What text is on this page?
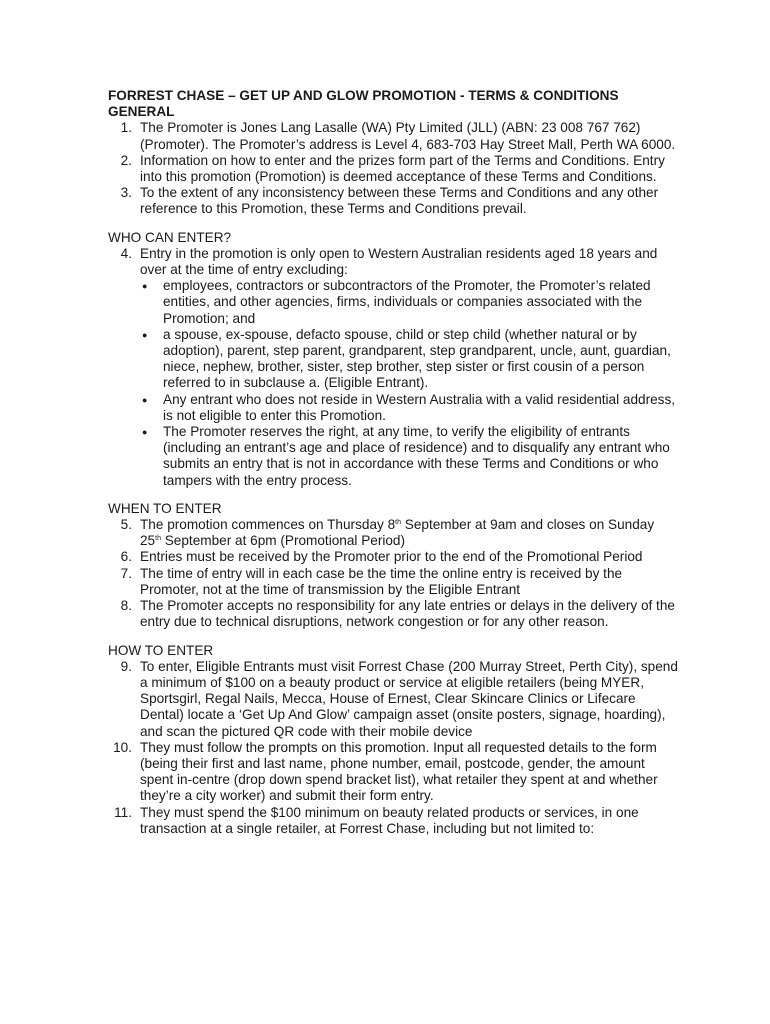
FORREST CHASE – GET UP AND GLOW PROMOTION - TERMS & CONDITIONS GENERAL

1. The Promoter is Jones Lang Lasalle (WA) Pty Limited (JLL) (ABN: 23 008 767 762) (Promoter). The Promoter’s address is Level 4, 683-703 Hay Street Mall, Perth WA 6000.
2. Information on how to enter and the prizes form part of the Terms and Conditions. Entry into this promotion (Promotion) is deemed acceptance of these Terms and Conditions.
3. To the extent of any inconsistency between these Terms and Conditions and any other reference to this Promotion, these Terms and Conditions prevail.

WHO CAN ENTER?

4. Entry in the promotion is only open to Western Australian residents aged 18 years and over at the time of entry excluding:
● employees, contractors or subcontractors of the Promoter, the Promoter’s related entities, and other agencies, firms, individuals or companies associated with the Promotion; and
● a spouse, ex-spouse, defacto spouse, child or step child (whether natural or by adoption), parent, step parent, grandparent, step grandparent, uncle, aunt, guardian, niece, nephew, brother, sister, step brother, step sister or first cousin of a person referred to in subclause a. (Eligible Entrant).
● Any entrant who does not reside in Western Australia with a valid residential address, is not eligible to enter this Promotion.
● The Promoter reserves the right, at any time, to verify the eligibility of entrants (including an entrant’s age and place of residence) and to disqualify any entrant who submits an entry that is not in accordance with these Terms and Conditions or who tampers with the entry process.

WHEN TO ENTER

5. The promotion commences on Thursday 8th September at 9am and closes on Sunday 25th September at 6pm (Promotional Period)
6. Entries must be received by the Promoter prior to the end of the Promotional Period
7. The time of entry will in each case be the time the online entry is received by the Promoter, not at the time of transmission by the Eligible Entrant
8. The Promoter accepts no responsibility for any late entries or delays in the delivery of the entry due to technical disruptions, network congestion or for any other reason.

HOW TO ENTER

9. To enter, Eligible Entrants must visit Forrest Chase (200 Murray Street, Perth City), spend a minimum of $100 on a beauty product or service at eligible retailers (being MYER, Sportsgirl, Regal Nails, Mecca, House of Ernest, Clear Skincare Clinics or Lifecare Dental) locate a ‘Get Up And Glow’ campaign asset (onsite posters, signage, hoarding), and scan the pictured QR code with their mobile device
10. They must follow the prompts on this promotion. Input all requested details to the form (being their first and last name, phone number, email, postcode, gender, the amount spent in-centre (drop down spend bracket list), what retailer they spent at and whether they’re a city worker) and submit their form entry.
11. They must spend the $100 minimum on beauty related products or services, in one transaction at a single retailer, at Forrest Chase, including but not limited to:
